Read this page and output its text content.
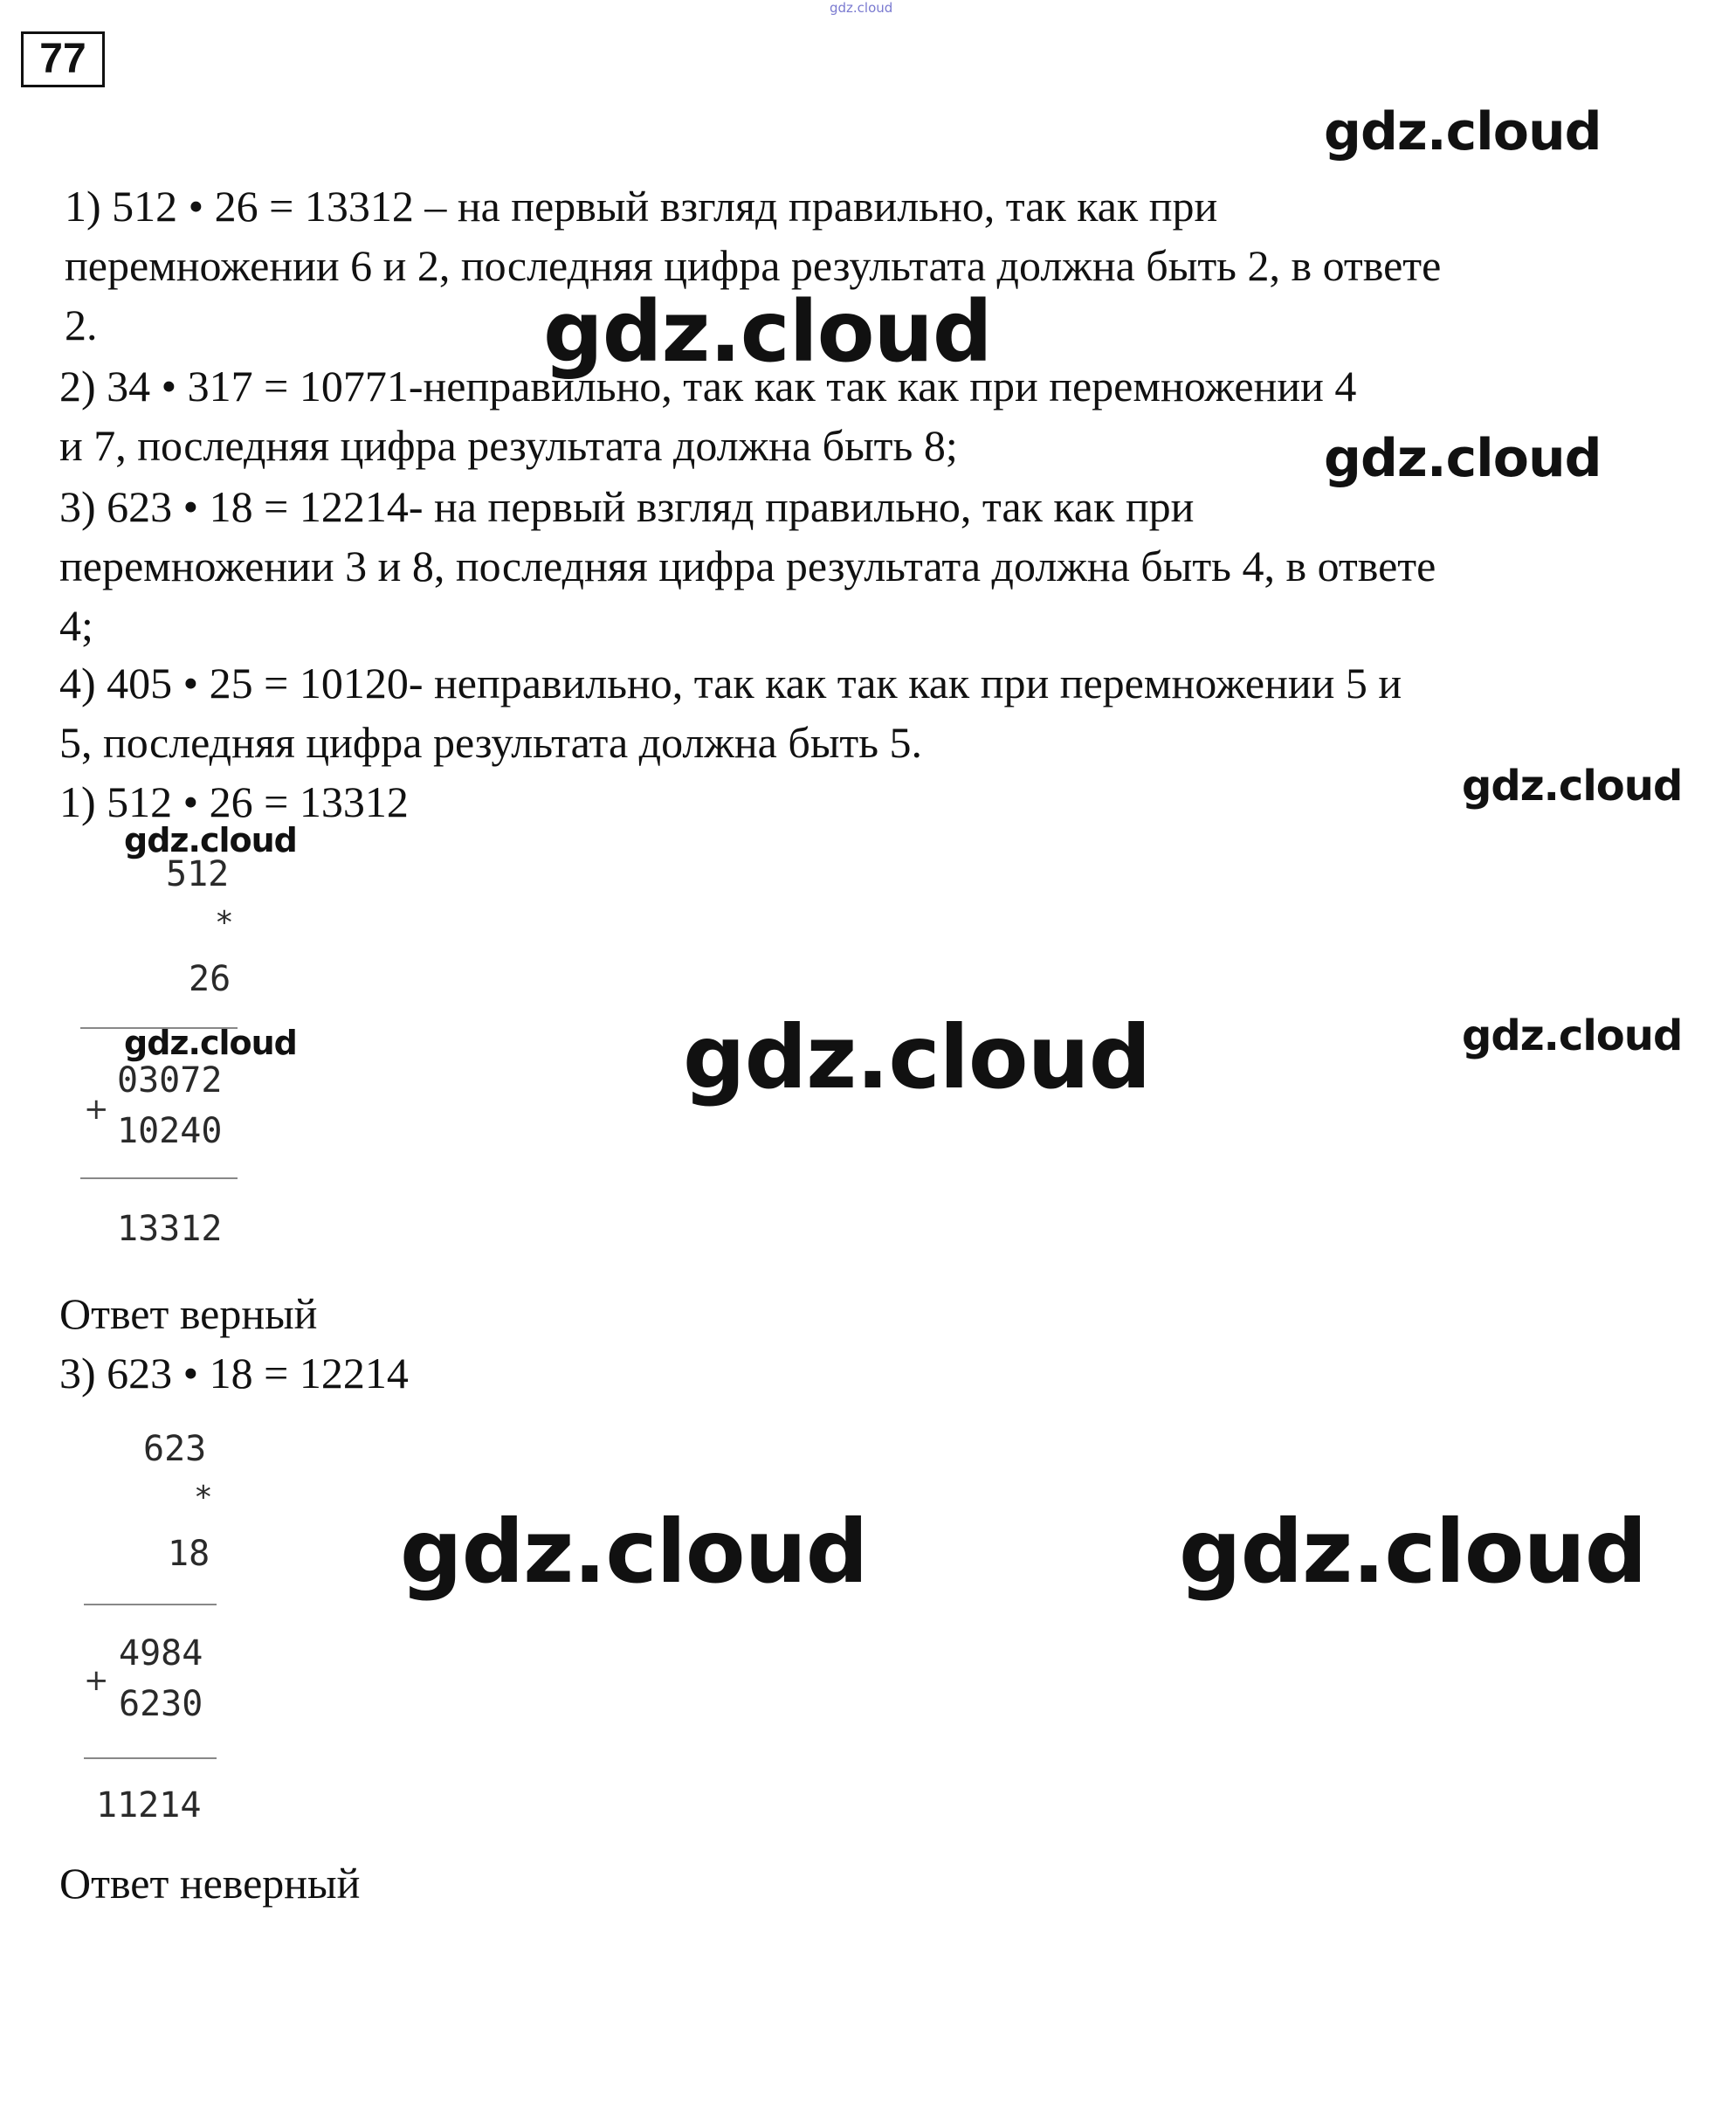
gdz.cloud
77
1) 512 • 26 = 13312 – на первый взгляд правильно, так как при
перемножении 6 и 2, последняя цифра результата должна быть 2, в ответе
2.
2) 34 • 317 = 10771-неправильно, так как так как при перемножении 4
и 7, последняя цифра результата должна быть 8;
3) 623 • 18 = 12214- на первый взгляд правильно, так как при
перемножении 3 и 8, последняя цифра результата должна быть 4, в ответе
4;
4) 405 • 25 = 10120- неправильно, так как так как при перемножении 5 и
5, последняя цифра результата должна быть 5.
1) 512 • 26 = 13312
512
*
26
+
03072
10240
13312
Ответ верный
3) 623 • 18 = 12214
623
*
18
+
4984
6230
11214
Ответ неверный
gdz.cloud
gdz.cloud
gdz.cloud
gdz.cloud
gdz.cloud
gdz.cloud	gdz.cloud	gdz.cloud
gdz.cloud	gdz.cloud
